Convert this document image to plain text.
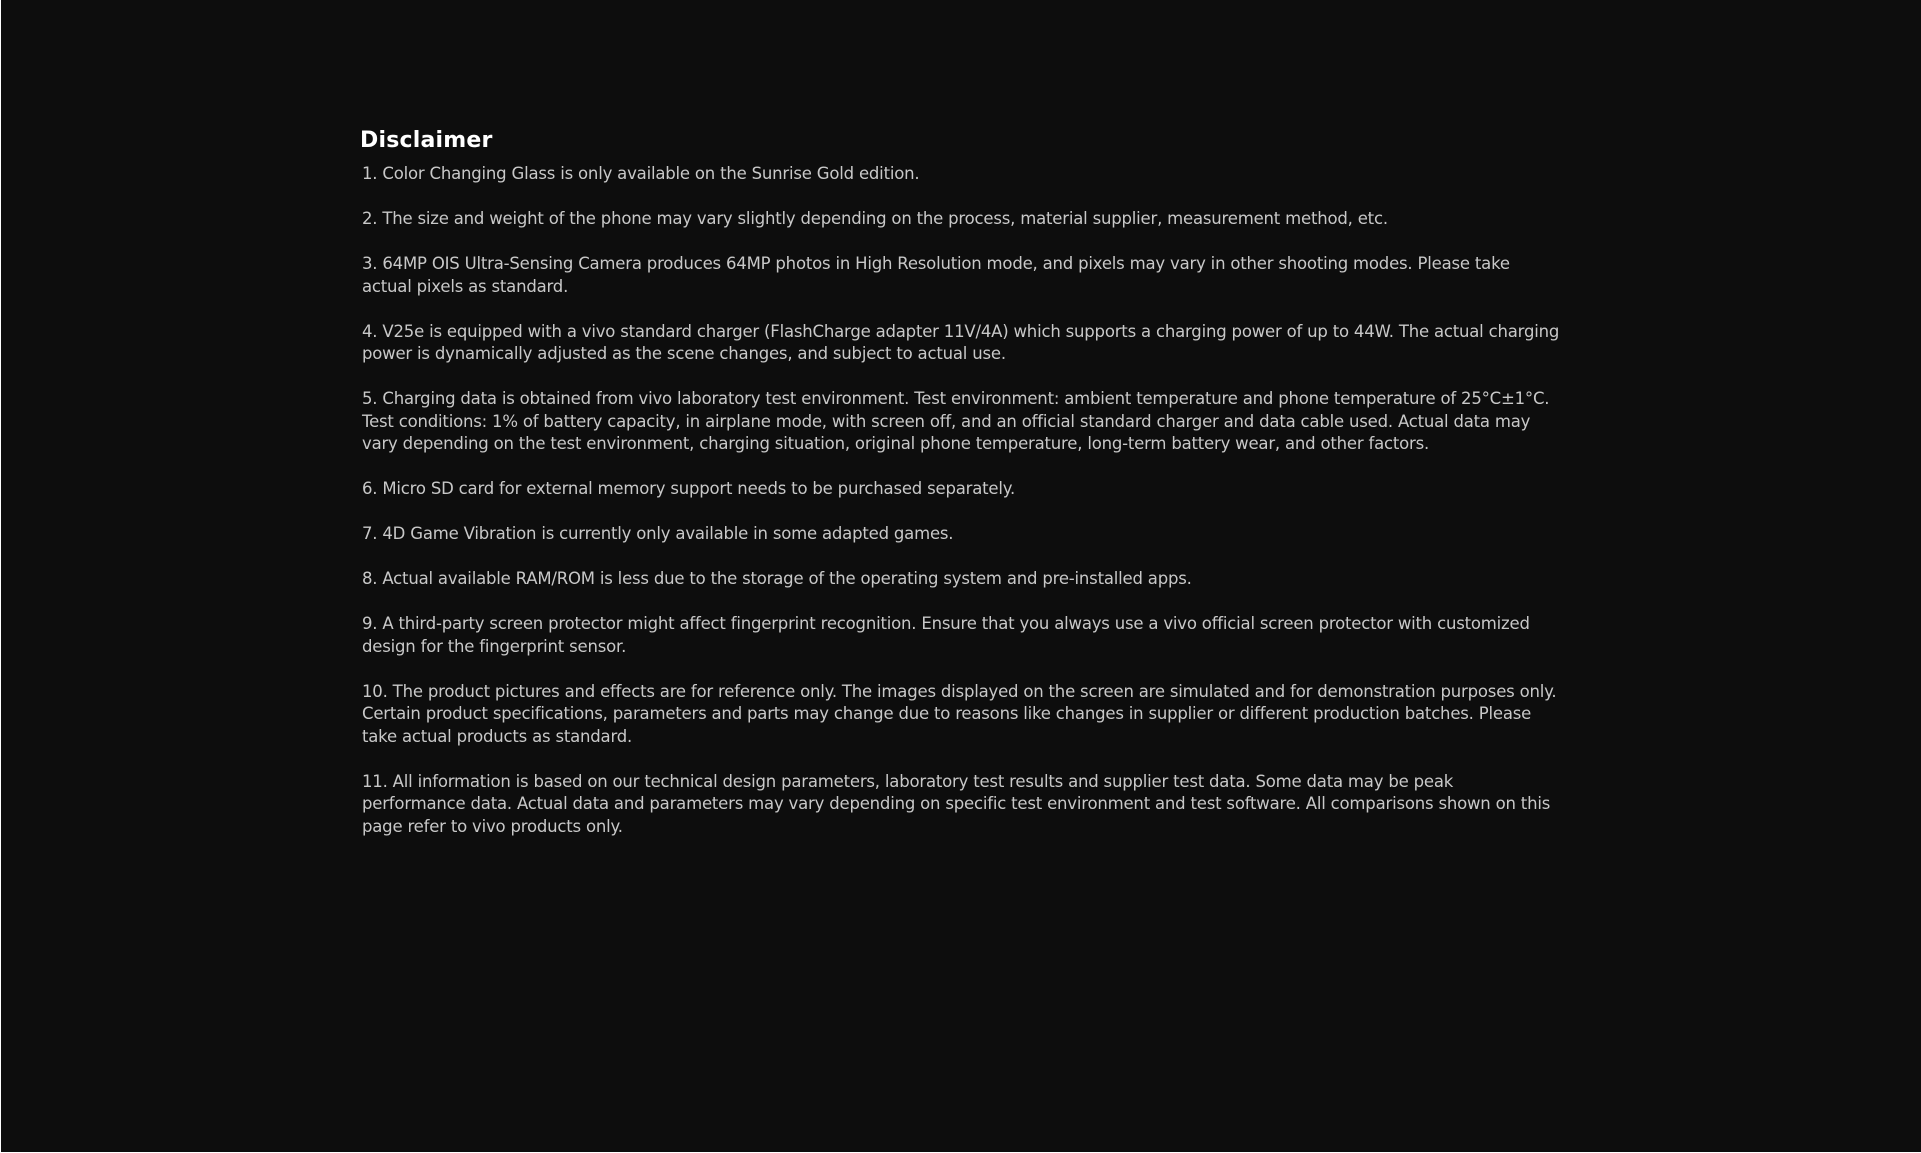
Disclaimer
1. Color Changing Glass is only available on the Sunrise Gold edition.
2. The size and weight of the phone may vary slightly depending on the process, material supplier, measurement method, etc.
3. 64MP OIS Ultra-Sensing Camera produces 64MP photos in High Resolution mode, and pixels may vary in other shooting modes. Please take actual pixels as standard.
4. V25e is equipped with a vivo standard charger (FlashCharge adapter 11V/4A) which supports a charging power of up to 44W. The actual charging power is dynamically adjusted as the scene changes, and subject to actual use.
5. Charging data is obtained from vivo laboratory test environment. Test environment: ambient temperature and phone temperature of 25°C±1°C. Test conditions: 1% of battery capacity, in airplane mode, with screen off, and an official standard charger and data cable used. Actual data may vary depending on the test environment, charging situation, original phone temperature, long-term battery wear, and other factors.
6. Micro SD card for external memory support needs to be purchased separately.
7. 4D Game Vibration is currently only available in some adapted games.
8. Actual available RAM/ROM is less due to the storage of the operating system and pre-installed apps.
9. A third-party screen protector might affect fingerprint recognition. Ensure that you always use a vivo official screen protector with customized design for the fingerprint sensor.
10. The product pictures and effects are for reference only. The images displayed on the screen are simulated and for demonstration purposes only. Certain product specifications, parameters and parts may change due to reasons like changes in supplier or different production batches. Please take actual products as standard.
11. All information is based on our technical design parameters, laboratory test results and supplier test data. Some data may be peak performance data. Actual data and parameters may vary depending on specific test environment and test software. All comparisons shown on this page refer to vivo products only.
